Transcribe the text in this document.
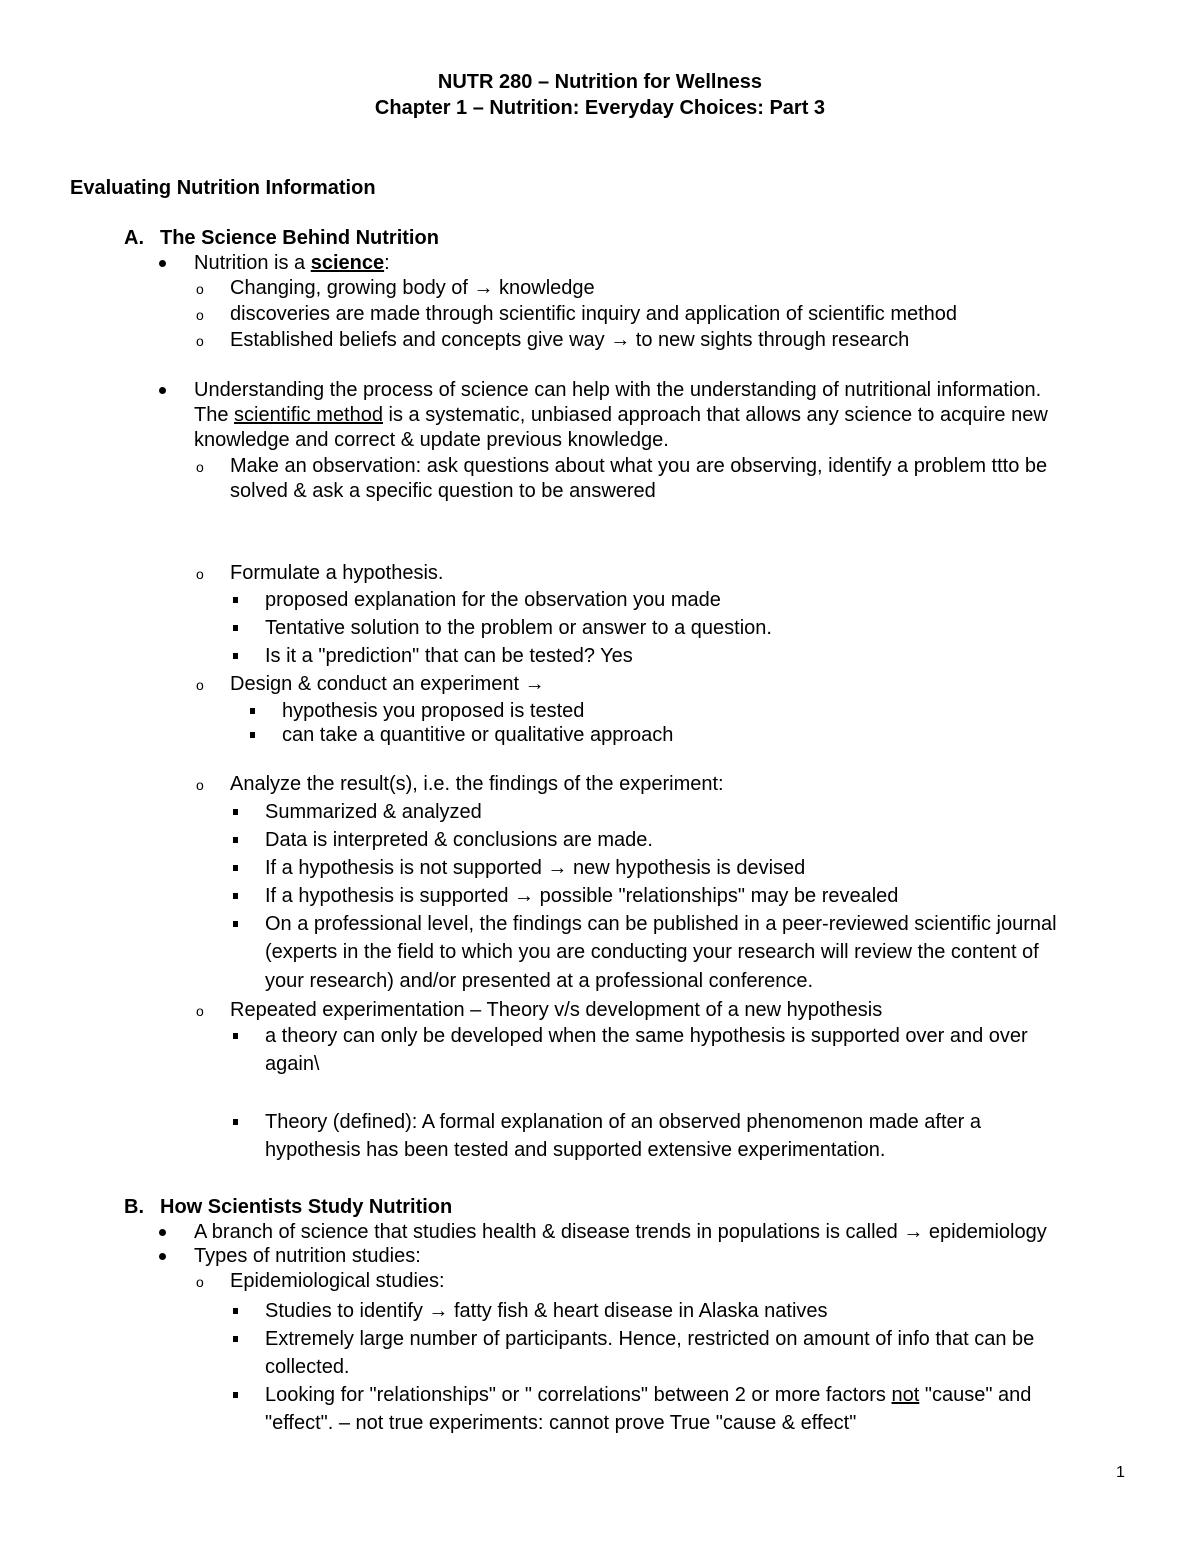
NUTR 280 – Nutrition for Wellness
Chapter 1 – Nutrition: Everyday Choices: Part 3
Evaluating Nutrition Information
A. The Science Behind Nutrition
Nutrition is a science:
o Changing, growing body of → knowledge
o discoveries are made through scientific inquiry and application of scientific method
o Established beliefs and concepts give way → to new sights through research
Understanding the process of science can help with the understanding of nutritional information.
The scientific method is a systematic, unbiased approach that allows any science to acquire new
knowledge and correct & update previous knowledge.
o Make an observation: ask questions about what you are observing, identify a problem ttto be
solved & ask a specific question to be answered
o Formulate a hypothesis.
proposed explanation for the observation you made
Tentative solution to the problem or answer to a question.
Is it a "prediction" that can be tested? Yes
o Design & conduct an experiment →
hypothesis you proposed is tested
can take a quantitive or qualitative approach
o Analyze the result(s), i.e. the findings of the experiment:
Summarized & analyzed
Data is interpreted & conclusions are made.
If a hypothesis is not supported → new hypothesis is devised
If a hypothesis is supported → possible "relationships" may be revealed
On a professional level, the findings can be published in a peer-reviewed scientific journal
(experts in the field to which you are conducting your research will review the content of
your research) and/or presented at a professional conference.
o Repeated experimentation – Theory v/s development of a new hypothesis
a theory can only be developed when the same hypothesis is supported over and over
again\
Theory (defined): A formal explanation of an observed phenomenon made after a
hypothesis has been tested and supported extensive experimentation.
B. How Scientists Study Nutrition
A branch of science that studies health & disease trends in populations is called → epidemiology
Types of nutrition studies:
o Epidemiological studies:
Studies to identify → fatty fish & heart disease in Alaska natives
Extremely large number of participants. Hence, restricted on amount of info that can be
collected.
Looking for "relationships" or " correlations" between 2 or more factors not "cause" and
"effect". – not true experiments: cannot prove True "cause & effect"
1
